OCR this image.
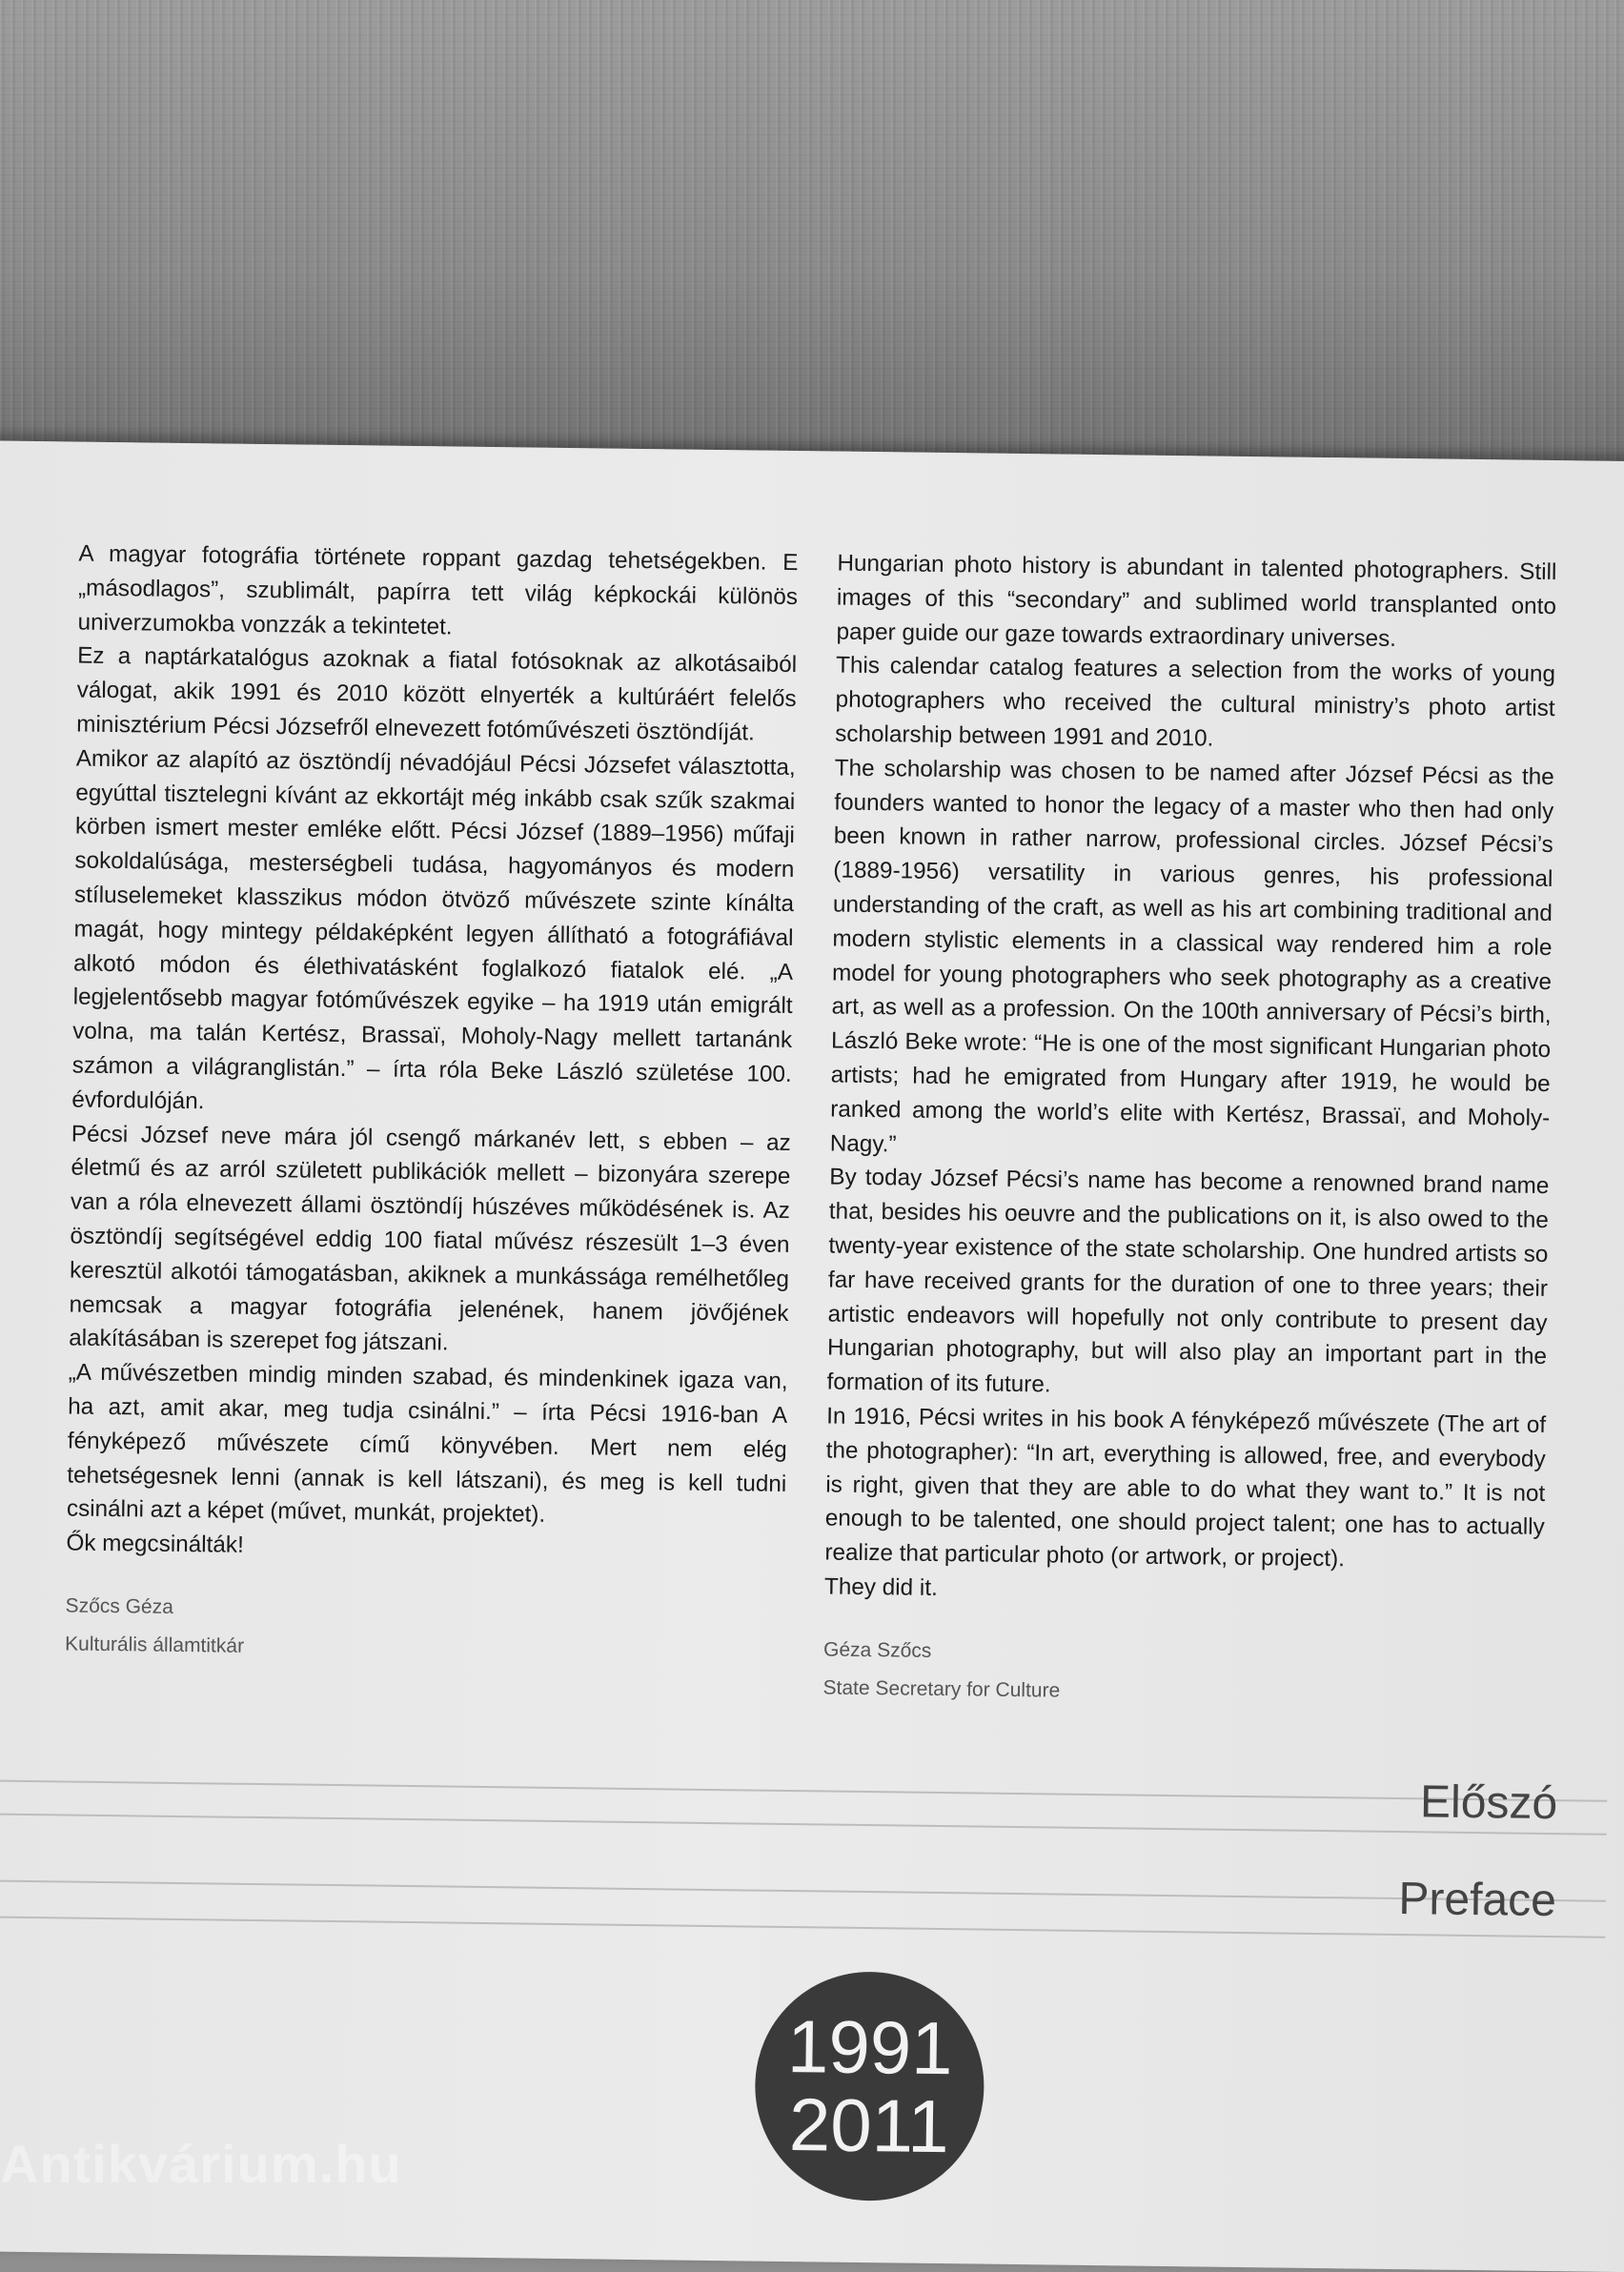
A magyar fotográfia története roppant gazdag tehetségekben. E „másodlagos”, szublimált, papírra tett világ képkockái különös univerzumokba vonzzák a tekintetet.

Ez a naptárkatalógus azoknak a fiatal fotósoknak az alkotásaiból válogat, akik 1991 és 2010 között elnyerték a kultúráért felelős minisztérium Pécsi Józsefről elnevezett fotóművészeti ösztöndíját.

Amikor az alapító az ösztöndíj névadójául Pécsi Józsefet választotta, egyúttal tisztelegni kívánt az ekkortájt még inkább csak szűk szakmai körben ismert mester emléke előtt. Pécsi József (1889–1956) műfaji sokoldalúsága, mesterségbeli tudása, hagyományos és modern stíluselemeket klasszikus módon ötvöző művészete szinte kínálta magát, hogy mintegy példaképként legyen állítható a fotográfiával alkotó módon és élethivatásként foglalkozó fiatalok elé. „A legjelentősebb magyar fotóművészek egyike – ha 1919 után emigrált volna, ma talán Kertész, Brassaï, Moholy-Nagy mellett tartanánk számon a világranglistán.” – írta róla Beke László születése 100. évfordulóján.

Pécsi József neve mára jól csengő márkanév lett, s ebben – az életmű és az arról született publikációk mellett – bizonyára szerepe van a róla elnevezett állami ösztöndíj húszéves működésének is. Az ösztöndíj segítségével eddig 100 fiatal művész részesült 1–3 éven keresztül alkotói támogatásban, akiknek a munkássága remélhetőleg nemcsak a magyar fotográfia jelenének, hanem jövőjének alakításában is szerepet fog játszani.

„A művészetben mindig minden szabad, és mindenkinek igaza van, ha azt, amit akar, meg tudja csinálni.” – írta Pécsi 1916-ban A fényképező művészete című könyvében. Mert nem elég tehetségesnek lenni (annak is kell látszani), és meg is kell tudni csinálni azt a képet (művet, munkát, projektet).

Ők megcsinálták!

Szőcs Géza
Kulturális államtitkár

Hungarian photo history is abundant in talented photographers. Still images of this “secondary” and sublimed world transplanted onto paper guide our gaze towards extraordinary universes.

This calendar catalog features a selection from the works of young photographers who received the cultural ministry’s photo artist scholarship between 1991 and 2010.

The scholarship was chosen to be named after József Pécsi as the founders wanted to honor the legacy of a master who then had only been known in rather narrow, professional circles. József Pécsi’s (1889-1956) versatility in various genres, his professional understanding of the craft, as well as his art combining traditional and modern stylistic elements in a classical way rendered him a role model for young photographers who seek photography as a creative art, as well as a profession. On the 100th anniversary of Pécsi’s birth, László Beke wrote: “He is one of the most significant Hungarian photo artists; had he emigrated from Hungary after 1919, he would be ranked among the world’s elite with Kertész, Brassaï, and Moholy-Nagy.”

By today József Pécsi’s name has become a renowned brand name that, besides his oeuvre and the publications on it, is also owed to the twenty-year existence of the state scholarship. One hundred artists so far have received grants for the duration of one to three years; their artistic endeavors will hopefully not only contribute to present day Hungarian photography, but will also play an important part in the formation of its future.

In 1916, Pécsi writes in his book A fényképező művészete (The art of the photographer): “In art, everything is allowed, free, and everybody is right, given that they are able to do what they want to.” It is not enough to be talented, one should project talent; one has to actually realize that particular photo (or artwork, or project).

They did it.

Géza Szőcs
State Secretary for Culture
Előszó
Preface
1991
2011
Antikvárium.hu
